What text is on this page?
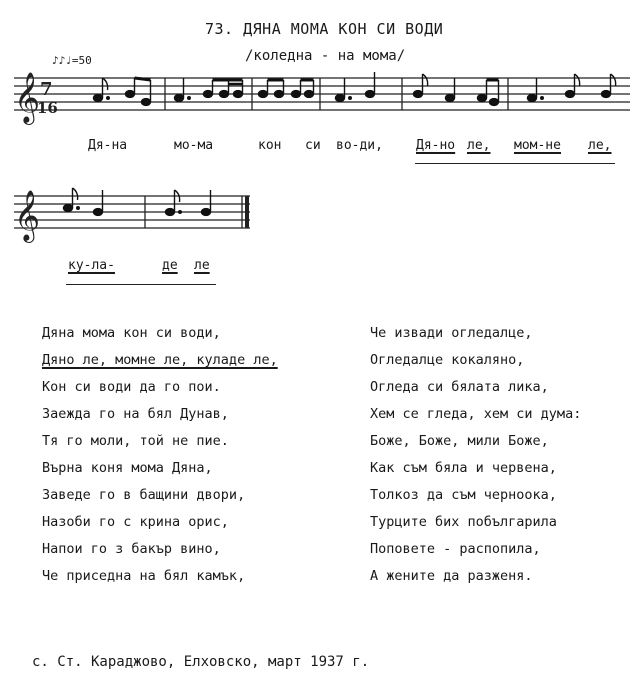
73. ДЯНА МОМА КОН СИ ВОДИ
/коледна - на мома/
♪♪♩=50
𝄞 7
16
Дя-на	мо-ма	кон си во-ди,	Дя-но ле, мом-не ле,
𝄞
ку-ла-	де ле
Дяна мома кон си води,
Дяно ле, момне ле, куладе ле,
Кон си води да го пои.
Заежда го на бял Дунав,
Тя го моли, той не пие.
Върна коня мома Дяна,
Заведе го в бащини двори,
Назоби го с крина орис,
Напои го з бакър вино,
Че приседна на бял камък,
Че извади огледалце,
Огледалце кокаляно,
Огледа си бялата лика,
Хем се гледа, хем си дума:
Боже, Боже, мили Боже,
Как съм бяла и червена,
Толкоз да съм черноока,
Турците бих побългарила
Поповете - распопила,
А жените да разженя.
с. Ст. Караджово, Елховско, март 1937 г.
